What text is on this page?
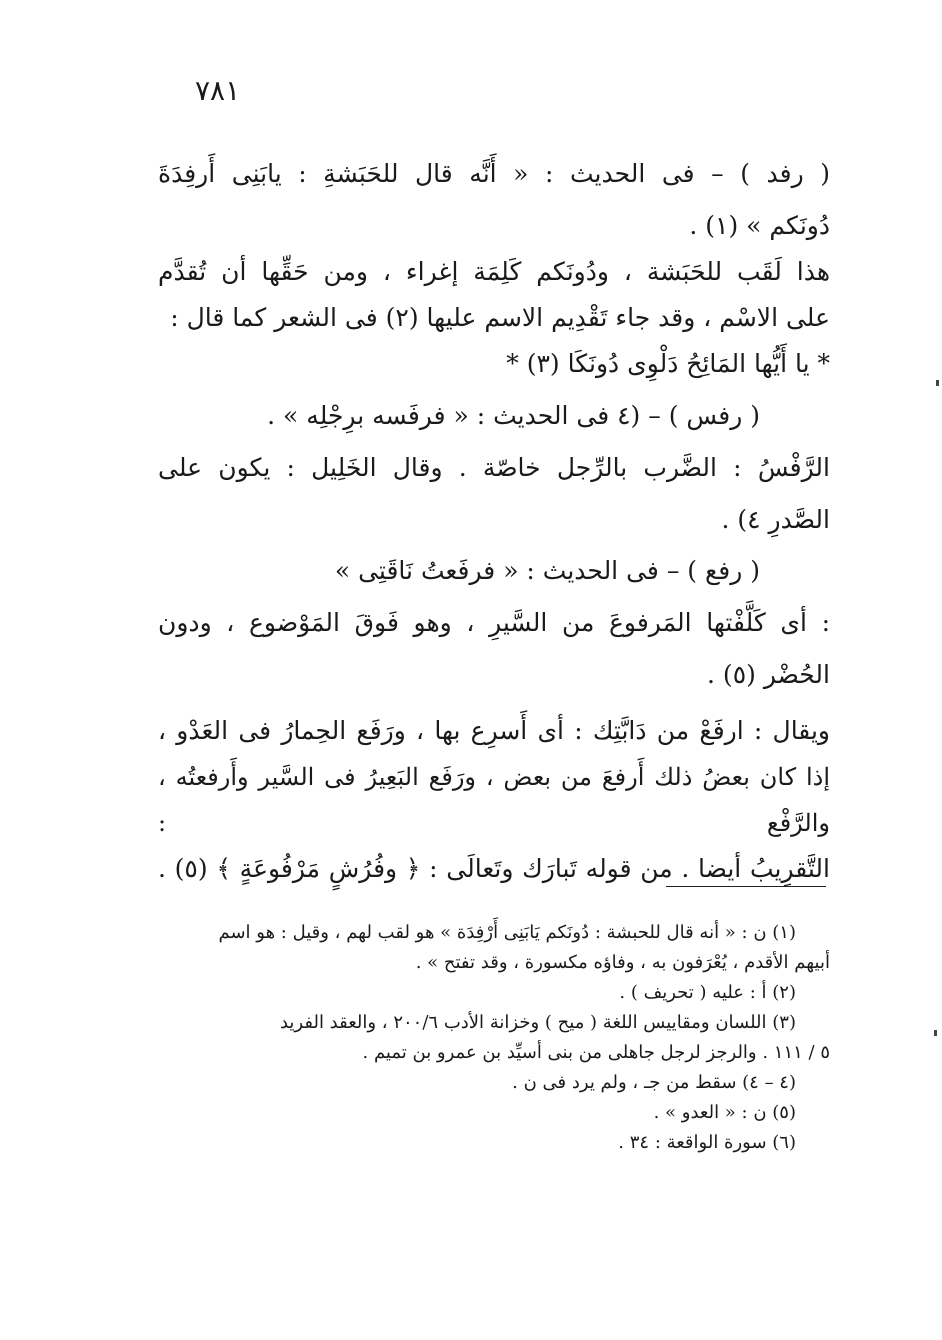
٧٨١
( رفد ) – فى الحديث : « أَنَّه قال للحَبَشةِ : يابَنِى أَرفِدَةَ
دُونَكم » (١) .
هذا لَقَب للحَبَشة ، ودُونَكم كَلِمَة إغراء ، ومن حَقِّها أن تُقدَّم
على الاسْم ، وقد جاء تَقْدِيم الاسم عليها (٢) فى الشعر كما قال :
* يا أَيُّها المَائِحُ دَلْوِى دُونَكَا (٣) *
( رفس ) – (٤ فى الحديث : « فرفَسه برِجْلِه » .
الرَّفْسُ : الضَّرب بالرِّجل خاصّة . وقال الخَلِيل : يكون على
الصَّدرِ ٤) .
( رفع ) – فى الحديث : « فرفَعتُ نَاقَتِى »
: أى كَلَّفْتها المَرفوعَ من السَّيرِ ، وهو فَوقَ المَوْضوع ، ودون
الحُضْر (٥) .
ويقال : ارفَعْ من دَابَّتِك : أى أَسرِع بها ، ورَفَع الحِمارُ فى العَدْو ،
إذا كان بعضُ ذلك أَرفعَ من بعض ، ورَفَع البَعِيرُ فى السَّير وأَرفعتُه ، والرَّفْع :
التَّقرِيبُ أيضا . من قوله تَبارَك وتَعالَى : ﴿ وفُرُشٍ مَرْفُوعَةٍ ﴾ (٥) .
(١) ن : « أنه قال للحبشة : دُونَكم يَابَنِى أَرْفِدَة » هو لقب لهم ، وقيل : هو اسم
أبيهم الأقدم ، يُعْرَفون به ، وفاؤه مكسورة ، وقد تفتح » .
(٢) أ : عليه ( تحريف ) .
(٣) اللسان ومقاييس اللغة ( ميح ) وخزانة الأدب ٢٠٠/٦ ، والعقد الفريد
٥ / ١١١ . والرجز لرجل جاهلى من بنى أسيِّد بن عمرو بن تميم .
(٤ – ٤) سقط من جـ ، ولم يرد فى ن .
(٥) ن : « العدو » .
(٦) سورة الواقعة : ٣٤ .
